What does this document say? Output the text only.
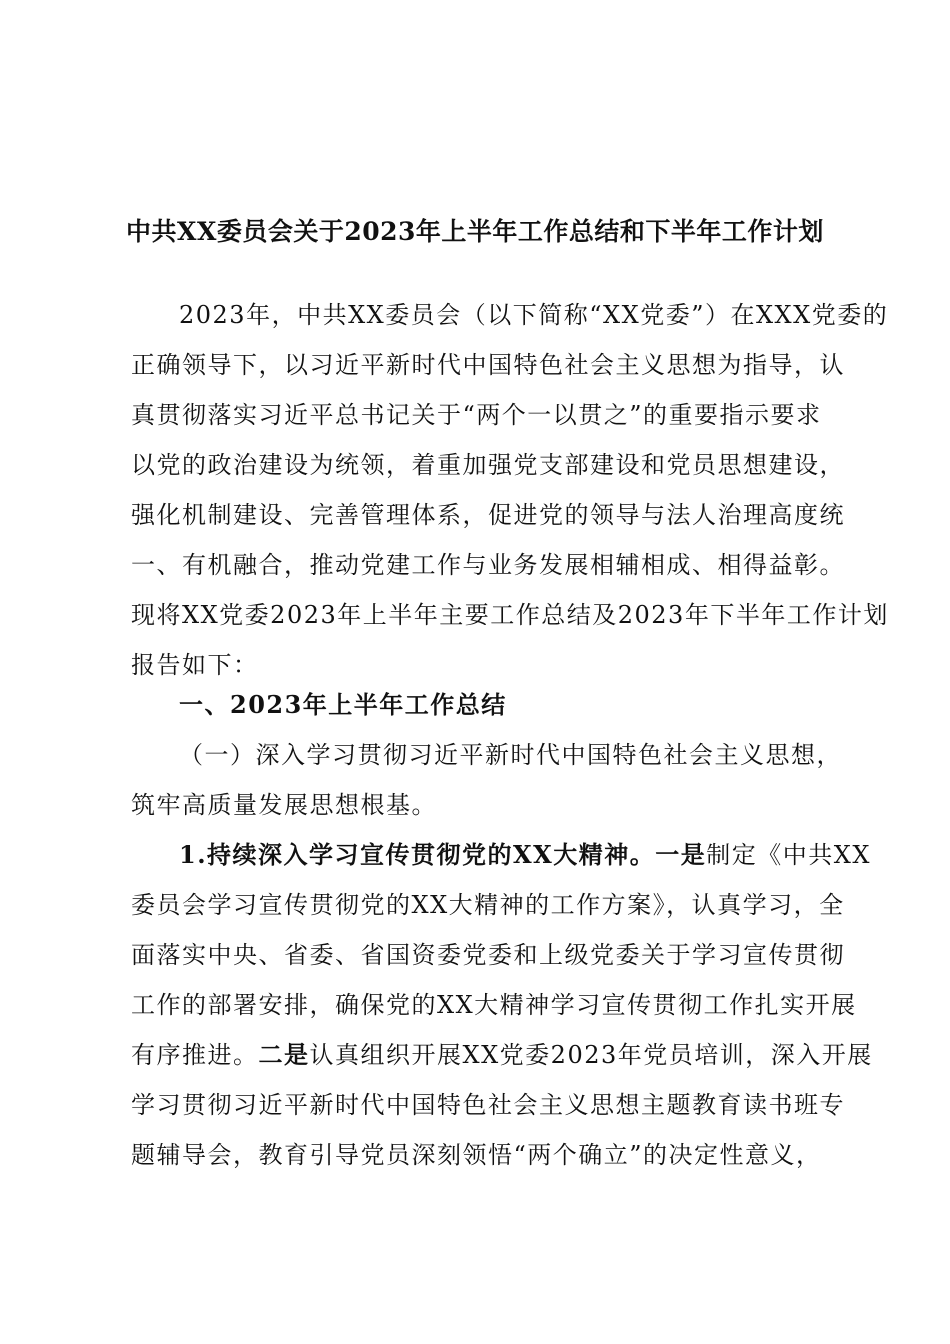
中共XX委员会关于2023年上半年工作总结和下半年工作计划
2023年，中共XX委员会（以下简称“XX党委”）在XXX党委的
正确领导下，以习近平新时代中国特色社会主义思想为指导，认
真贯彻落实习近平总书记关于“两个一以贯之”的重要指示要求
以党的政治建设为统领，着重加强党支部建设和党员思想建设，
强化机制建设、完善管理体系，促进党的领导与法人治理高度统
一、有机融合，推动党建工作与业务发展相辅相成、相得益彰。
现将XX党委2023年上半年主要工作总结及2023年下半年工作计划
报告如下：
一、2023年上半年工作总结
（一）深入学习贯彻习近平新时代中国特色社会主义思想，
筑牢高质量发展思想根基。
1.持续深入学习宣传贯彻党的XX大精神。一是制定《中共XX
委员会学习宣传贯彻党的XX大精神的工作方案》，认真学习，全
面落实中央、省委、省国资委党委和上级党委关于学习宣传贯彻
工作的部署安排，确保党的XX大精神学习宣传贯彻工作扎实开展
有序推进。二是认真组织开展XX党委2023年党员培训，深入开展
学习贯彻习近平新时代中国特色社会主义思想主题教育读书班专
题辅导会，教育引导党员深刻领悟“两个确立”的决定性意义，
